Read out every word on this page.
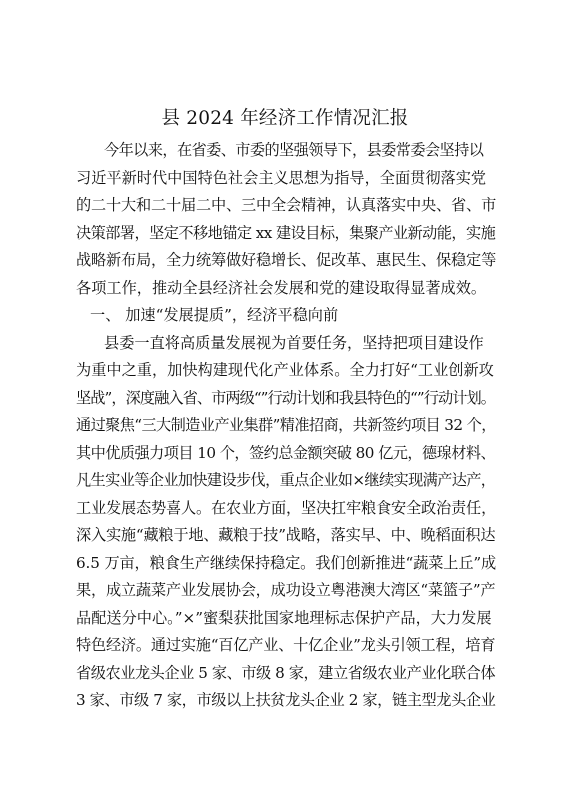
县 2024 年经济工作情况汇报
今年以来，在省委、市委的坚强领导下，县委常委会坚持以
习近平新时代中国特色社会主义思想为指导，全面贯彻落实党
的二十大和二十届二中、三中全会精神，认真落实中央、省、市
决策部署，坚定不移地锚定 xx 建设目标，集聚产业新动能，实施
战略新布局，全力统筹做好稳增长、促改革、惠民生、保稳定等
各项工作，推动全县经济社会发展和党的建设取得显著成效。
一、 加速“发展提质”，经济平稳向前
县委一直将高质量发展视为首要任务，坚持把项目建设作
为重中之重，加快构建现代化产业体系。全力打好“工业创新攻
坚战”，深度融入省、市两级“”行动计划和我县特色的“”行动计划。
通过聚焦“三大制造业产业集群”精准招商，共新签约项目 32 个，
其中优质强力项目 10 个，签约总金额突破 80 亿元，德瑔材料、
凡生实业等企业加快建设步伐，重点企业如×继续实现满产达产，
工业发展态势喜人。在农业方面，坚决扛牢粮食安全政治责任，
深入实施“藏粮于地、藏粮于技”战略，落实早、中、晚稻面积达
6.5 万亩，粮食生产继续保持稳定。我们创新推进“蔬菜上丘”成
果，成立蔬菜产业发展协会，成功设立粤港澳大湾区“菜篮子”产
品配送分中心。”×”蜜梨获批国家地理标志保护产品，大力发展
特色经济。通过实施“百亿产业、十亿企业”龙头引领工程，培育
省级农业龙头企业 5 家、市级 8 家，建立省级农业产业化联合体
3 家、市级 7 家，市级以上扶贫龙头企业 2 家，链主型龙头企业
